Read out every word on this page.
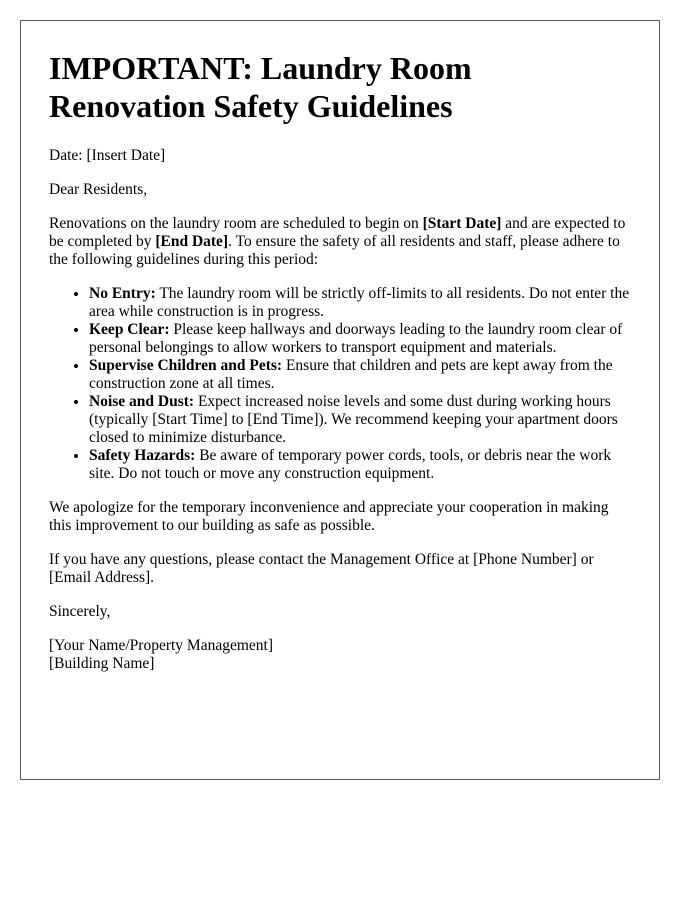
IMPORTANT: Laundry Room Renovation Safety Guidelines

Date: [Insert Date]

Dear Residents,

Renovations on the laundry room are scheduled to begin on [Start Date] and are expected to be completed by [End Date]. To ensure the safety of all residents and staff, please adhere to the following guidelines during this period:

• No Entry: The laundry room will be strictly off-limits to all residents. Do not enter the area while construction is in progress.
• Keep Clear: Please keep hallways and doorways leading to the laundry room clear of personal belongings to allow workers to transport equipment and materials.
• Supervise Children and Pets: Ensure that children and pets are kept away from the construction zone at all times.
• Noise and Dust: Expect increased noise levels and some dust during working hours (typically [Start Time] to [End Time]). We recommend keeping your apartment doors closed to minimize disturbance.
• Safety Hazards: Be aware of temporary power cords, tools, or debris near the work site. Do not touch or move any construction equipment.

We apologize for the temporary inconvenience and appreciate your cooperation in making this improvement to our building as safe as possible.

If you have any questions, please contact the Management Office at [Phone Number] or [Email Address].

Sincerely,

[Your Name/Property Management]

[Building Name]
